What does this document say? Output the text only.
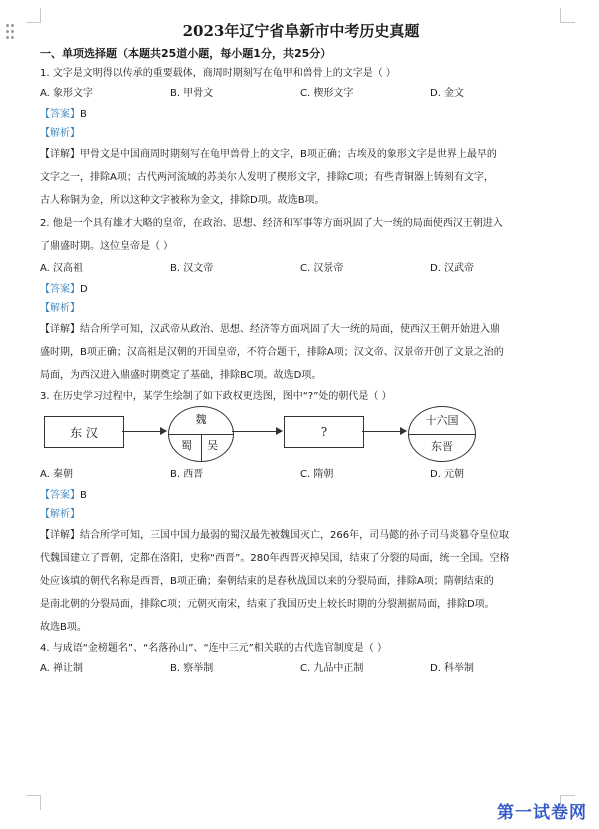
2023年辽宁省阜新市中考历史真题
一、单项选择题（本题共25道小题，每小题1分，共25分）
1. 文字是文明得以传承的重要载体，商周时期刻写在龟甲和兽骨上的文字是（ ）
A. 象形文字	B. 甲骨文	C. 楔形文字	D. 金文
【答案】B
【解析】
【详解】甲骨文是中国商周时期刻写在龟甲兽骨上的文字，B项正确；古埃及的象形文字是世界上最早的
文字之一，排除A项；古代两河流域的苏美尔人发明了楔形文字，排除C项；有些青铜器上铸刻有文字，
古人称铜为金，所以这种文字被称为金文，排除D项。故选B项。
2. 他是一个具有雄才大略的皇帝，在政治、思想、经济和军事等方面巩固了大一统的局面使西汉王朝进入
了鼎盛时期。这位皇帝是（ ）
A. 汉高祖	B. 汉文帝	C. 汉景帝	D. 汉武帝
【答案】D
【解析】
【详解】结合所学可知，汉武帝从政治、思想、经济等方面巩固了大一统的局面，使西汉王朝开始进入鼎
盛时期，B项正确；汉高祖是汉朝的开国皇帝，不符合题干，排除A项；汉文帝、汉景帝开创了文景之治的
局面，为西汉进入鼎盛时期奠定了基础，排除BC项。故选D项。
3. 在历史学习过程中，某学生绘制了如下政权更迭图，图中“?”处的朝代是（ ）
东 汉
魏
蜀 吴
?
十六国
东晋
A. 秦朝	B. 西晋	C. 隋朝	D. 元朝
【答案】B
【解析】
【详解】结合所学可知，三国中国力最弱的蜀汉最先被魏国灭亡，266年，司马懿的孙子司马炎篡夺皇位取
代魏国建立了晋朝，定都在洛阳，史称“西晋”。280年西晋灭掉吴国，结束了分裂的局面，统一全国。空格
处应该填的朝代名称是西晋，B项正确；秦朝结束的是春秋战国以来的分裂局面，排除A项；隋朝结束的
是南北朝的分裂局面，排除C项；元朝灭南宋，结束了我国历史上较长时期的分裂割据局面，排除D项。
故选B项。
4. 与成语“金榜题名”、“名落孙山”、“连中三元”相关联的古代选官制度是（ ）
A. 禅让制	B. 察举制	C. 九品中正制	D. 科举制
第一试卷网
